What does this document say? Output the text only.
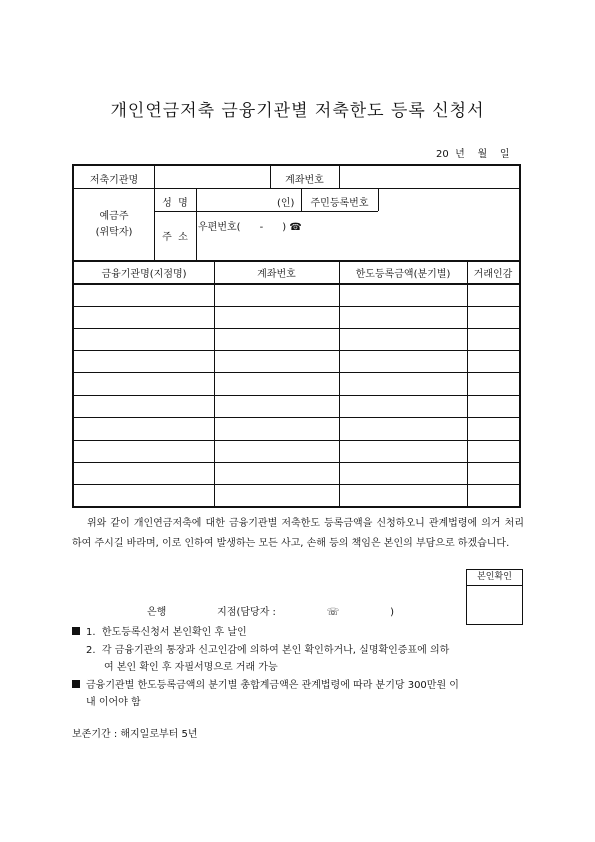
개인연금저축 금융기관별 저축한도 등록 신청서
20  년    월    일
저축기관명	계좌번호
예금주
(위탁자)
성  명	(인)	주민등록번호
주  소
우편번호(      -      ) ☎
금융기관명(지점명)	계좌번호	한도등록금액(분기별)	거래인감
위와 같이 개인연금저축에 대한 금융기관별 저축한도 등록금액을 신청하오니 관계법령에 의거 처리하여 주시길 바라며, 이로 인하여 발생하는 모든 사고, 손해 등의 책임은 본인의 부담으로 하겠습니다.
본인확인
은행                지점(담당자 :                ☏                )
1.  한도등록신청서 본인확인 후 날인
2.  각 금융기관의 통장과 신고인감에 의하여 본인 확인하거나, 실명확인증표에 의하
여 본인 확인 후 자필서명으로 거래 가능
금융기관별 한도등록금액의 분기별 총합계금액은 관계법령에 따라 분기당 300만원 이
내 이어야 함
보존기간 : 해지일로부터 5년
